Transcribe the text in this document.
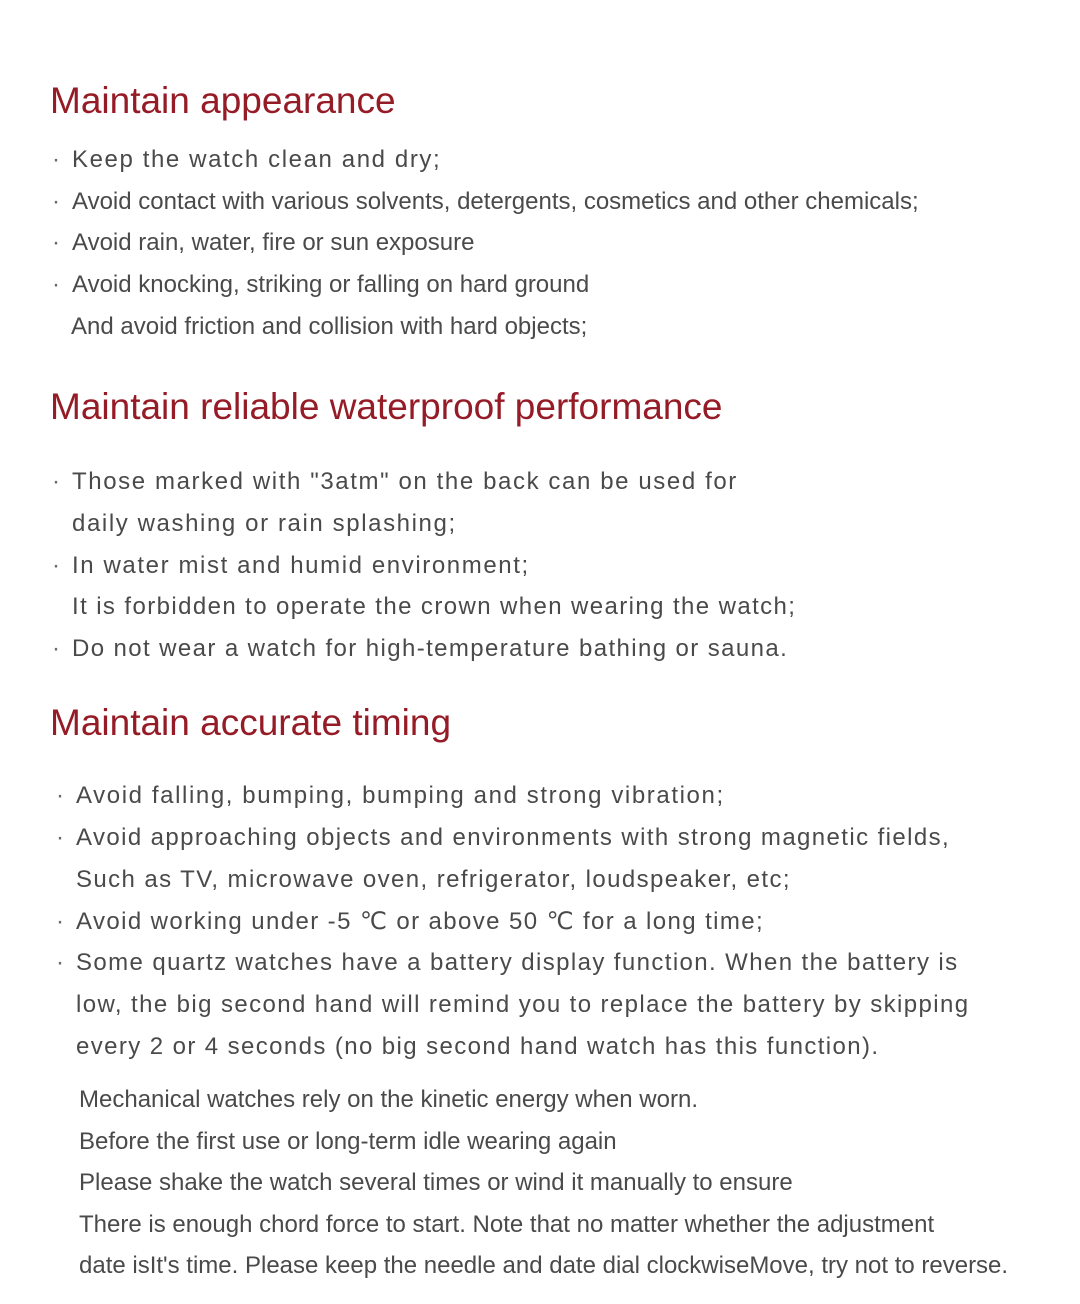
Maintain appearance
· Keep the watch clean and dry;
· Avoid contact with various solvents, detergents, cosmetics and other chemicals;
· Avoid rain, water, fire or sun exposure
· Avoid knocking, striking or falling on hard ground
And avoid friction and collision with hard objects;
Maintain reliable waterproof performance
· Those marked with "3atm" on the back can be used for
daily washing or rain splashing;
· In water mist and humid environment;
It is forbidden to operate the crown when wearing the watch;
· Do not wear a watch for high-temperature bathing or sauna.
Maintain accurate timing
· Avoid falling, bumping, bumping and strong vibration;
· Avoid approaching objects and environments with strong magnetic fields,
Such as TV, microwave oven, refrigerator, loudspeaker, etc;
· Avoid working under -5 ℃ or above 50 ℃ for a long time;
· Some quartz watches have a battery display function. When the battery is
low, the big second hand will remind you to replace the battery by skipping
every 2 or 4 seconds (no big second hand watch has this function).
Mechanical watches rely on the kinetic energy when worn.
Before the first use or long-term idle wearing again
Please shake the watch several times or wind it manually to ensure
There is enough chord force to start. Note that no matter whether the adjustment
date isIt's time. Please keep the needle and date dial clockwiseMove, try not to reverse.
